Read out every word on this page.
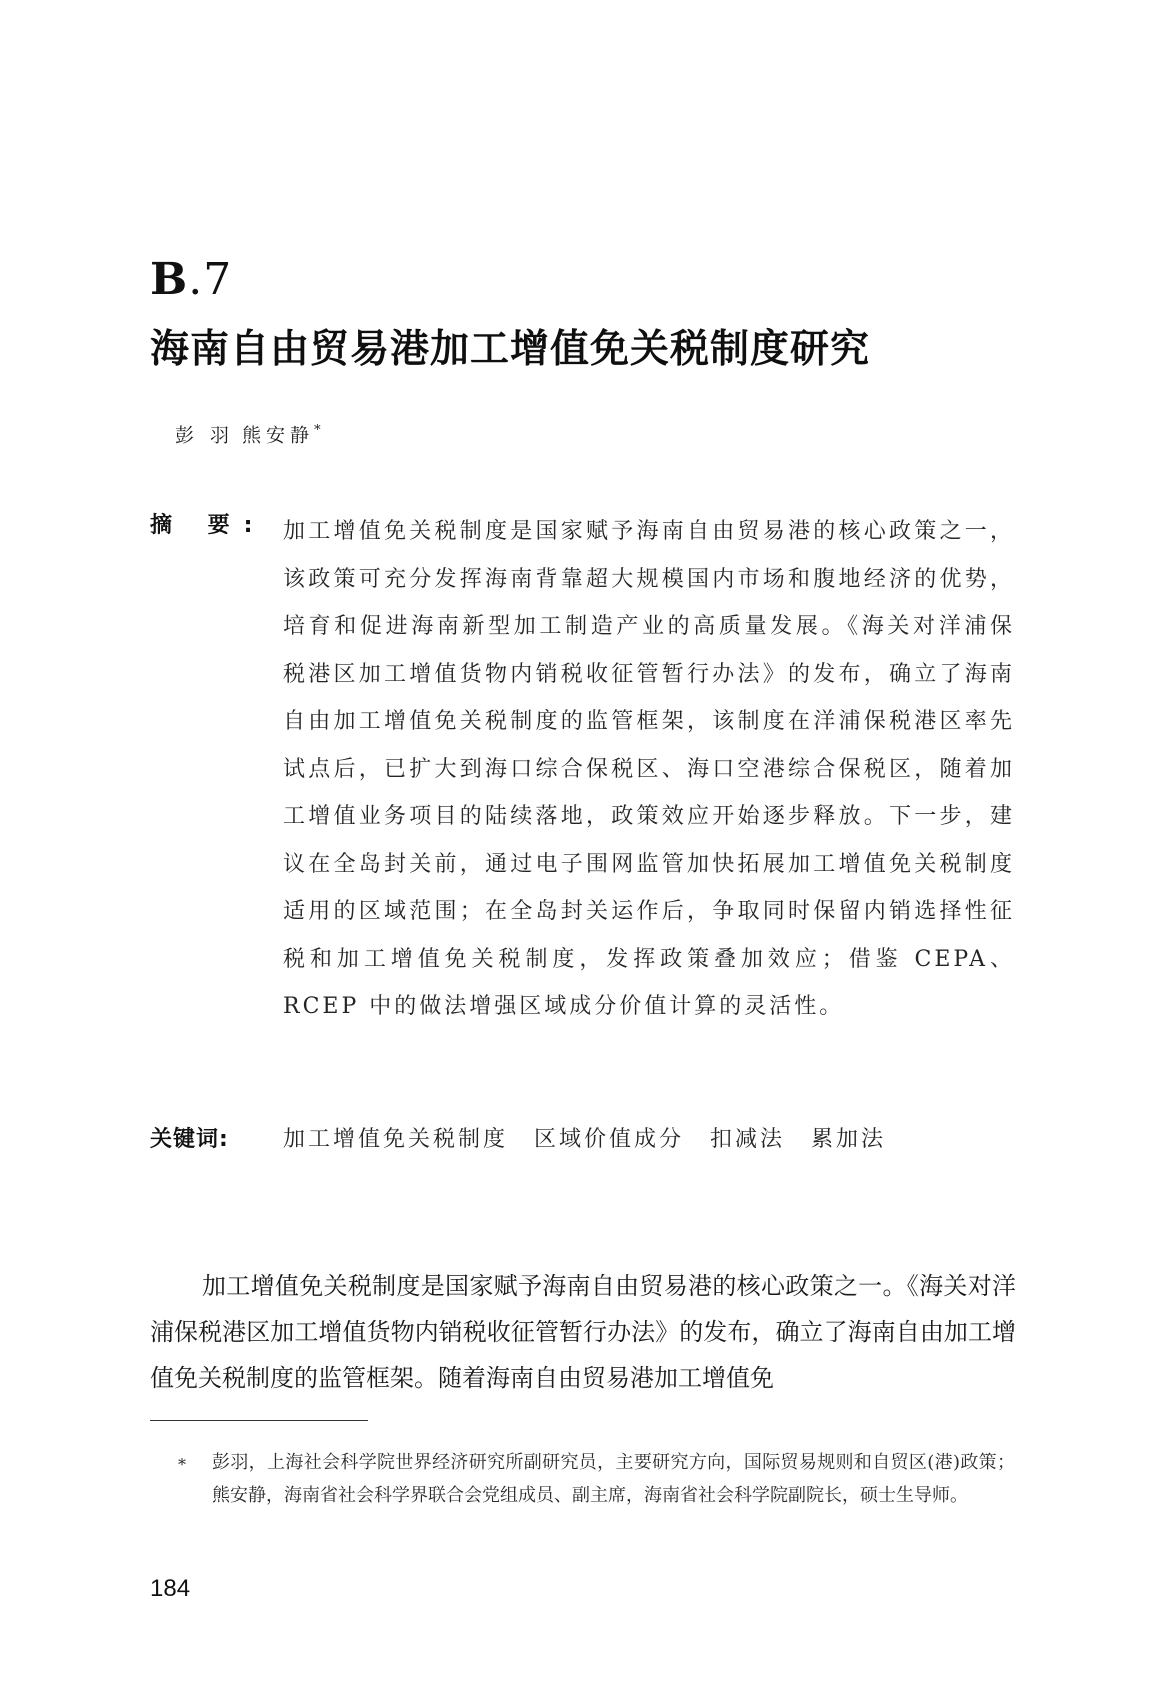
B.7
海南自由贸易港加工增值免关税制度研究
彭 羽 熊安静*
摘 要: 加工增值免关税制度是国家赋予海南自由贸易港的核心政策之一，该政策可充分发挥海南背靠超大规模国内市场和腹地经济的优势，培育和促进海南新型加工制造产业的高质量发展。《海关对洋浦保税港区加工增值货物内销税收征管暂行办法》的发布，确立了海南自由加工增值免关税制度的监管框架，该制度在洋浦保税港区率先试点后，已扩大到海口综合保税区、海口空港综合保税区，随着加工增值业务项目的陆续落地，政策效应开始逐步释放。下一步，建议在全岛封关前，通过电子围网监管加快拓展加工增值免关税制度适用的区域范围；在全岛封关运作后，争取同时保留内销选择性征税和加工增值免关税制度，发挥政策叠加效应；借鉴 CEPA、RCEP 中的做法增强区域成分价值计算的灵活性。

关键词: 加工增值免关税制度 区域价值成分 扣减法 累加法

加工增值免关税制度是国家赋予海南自由贸易港的核心政策之一。《海关对洋浦保税港区加工增值货物内销税收征管暂行办法》的发布，确立了海南自由加工增值免关税制度的监管框架。随着海南自由贸易港加工增值免

*	彭羽，上海社会科学院世界经济研究所副研究员，主要研究方向，国际贸易规则和自贸区(港)政策；熊安静，海南省社会科学界联合会党组成员、副主席，海南省社会科学院副院长，硕士生导师。

184
